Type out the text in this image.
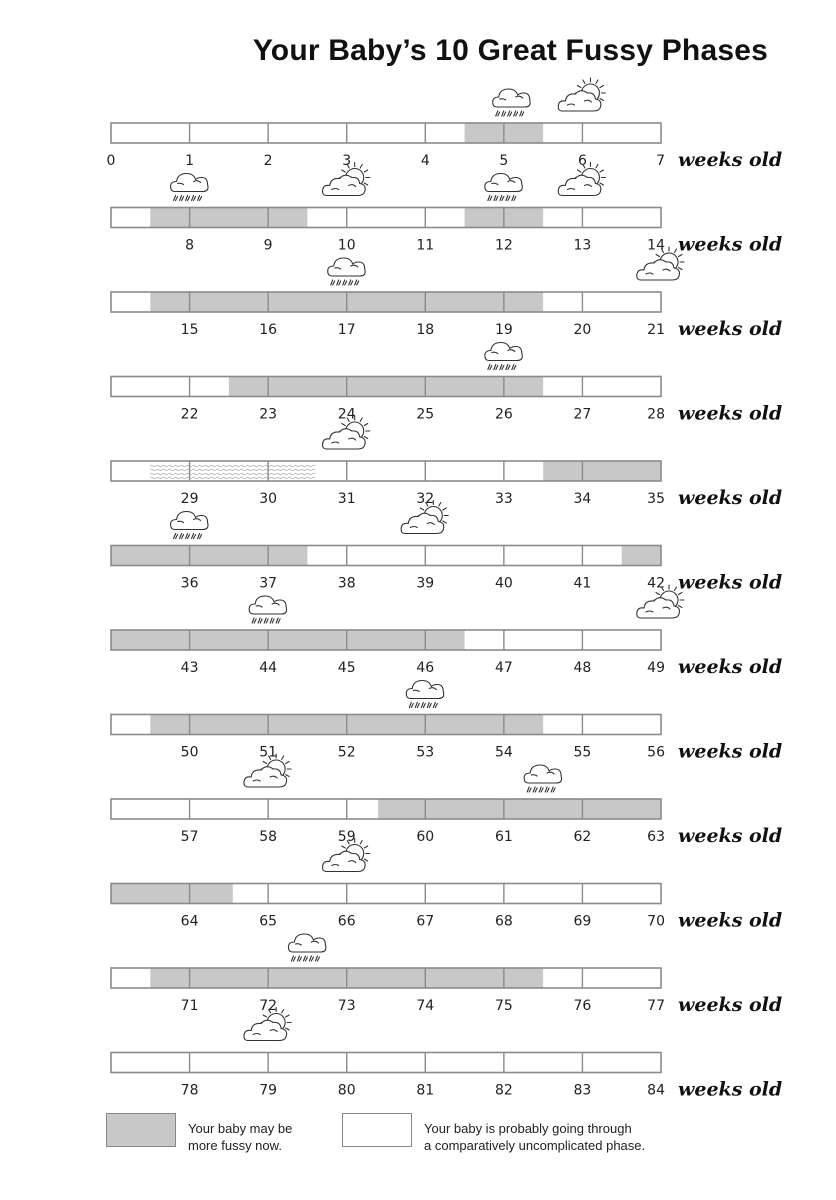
Your Baby’s 10 Great Fussy Phases
0	1	2	3	4	5	6	7 weeks old
8	9	10	11	12	13	14 weeks old
15	16	17	18	19	20	21 weeks old
22	23	24	25	26	27	28 weeks old
29	30	31	32	33	34	35 weeks old
36	37	38	39	40	41	42 weeks old
43	44	45	46	47	48	49 weeks old
50	51	52	53	54	55	56 weeks old
57	58	59	60	61	62	63 weeks old
64	65	66	67	68	69	70 weeks old
71	72	73	74	75	76	77 weeks old
78	79	80	81	82	83	84 weeks old
Your baby may be
more fussy now.
Your baby is probably going through
a comparatively uncomplicated phase.
